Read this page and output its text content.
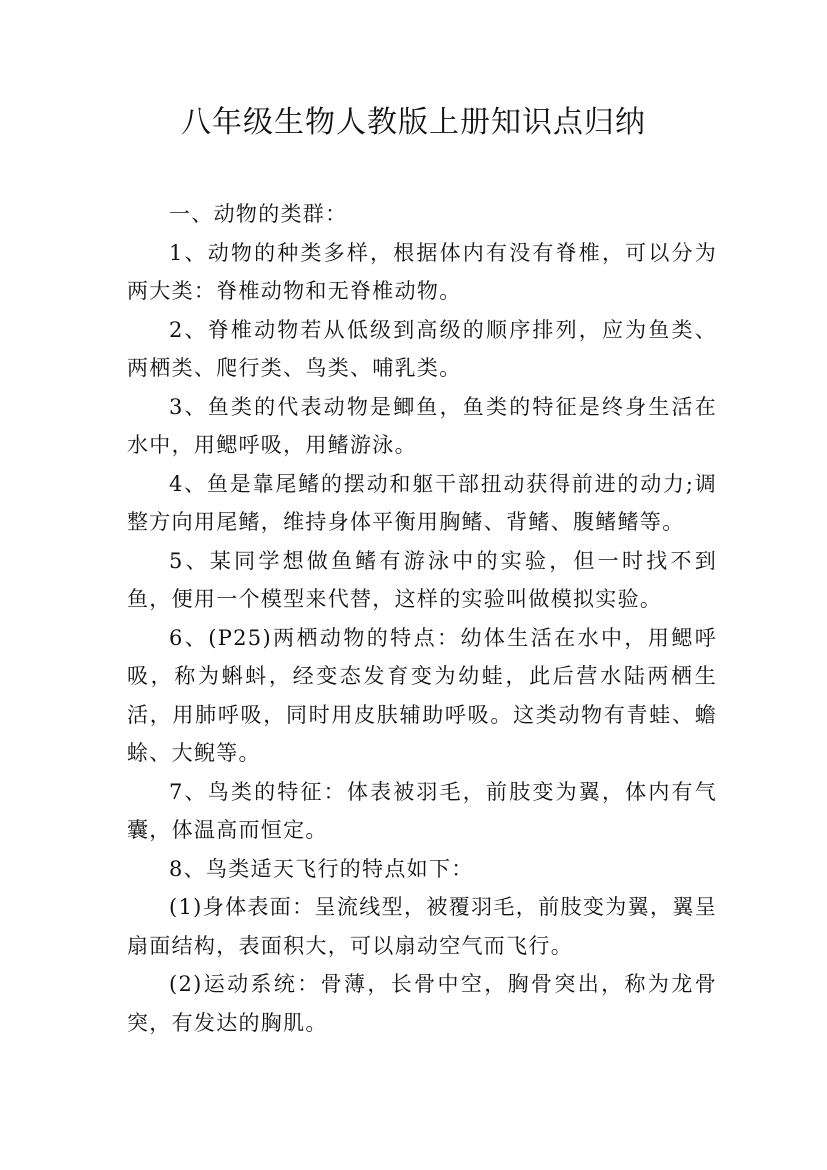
八年级生物人教版上册知识点归纳

一、动物的类群：

1、动物的种类多样，根据体内有没有脊椎，可以分为两大类：脊椎动物和无脊椎动物。

2、脊椎动物若从低级到高级的顺序排列，应为鱼类、两栖类、爬行类、鸟类、哺乳类。

3、鱼类的代表动物是鲫鱼，鱼类的特征是终身生活在水中，用鳃呼吸，用鳍游泳。

4、鱼是靠尾鳍的摆动和躯干部扭动获得前进的动力;调整方向用尾鳍，维持身体平衡用胸鳍、背鳍、腹鳍鳍等。

5、某同学想做鱼鳍有游泳中的实验，但一时找不到鱼，便用一个模型来代替，这样的实验叫做模拟实验。

6、(P25)两栖动物的特点：幼体生活在水中，用鳃呼吸，称为蝌蚪，经变态发育变为幼蛙，此后营水陆两栖生活，用肺呼吸，同时用皮肤辅助呼吸。这类动物有青蛙、蟾蜍、大鲵等。

7、鸟类的特征：体表被羽毛，前肢变为翼，体内有气囊，体温高而恒定。

8、鸟类适天飞行的特点如下：

(1)身体表面：呈流线型，被覆羽毛，前肢变为翼，翼呈扇面结构，表面积大，可以扇动空气而飞行。

(2)运动系统：骨薄，长骨中空，胸骨突出，称为龙骨突，有发达的胸肌。
